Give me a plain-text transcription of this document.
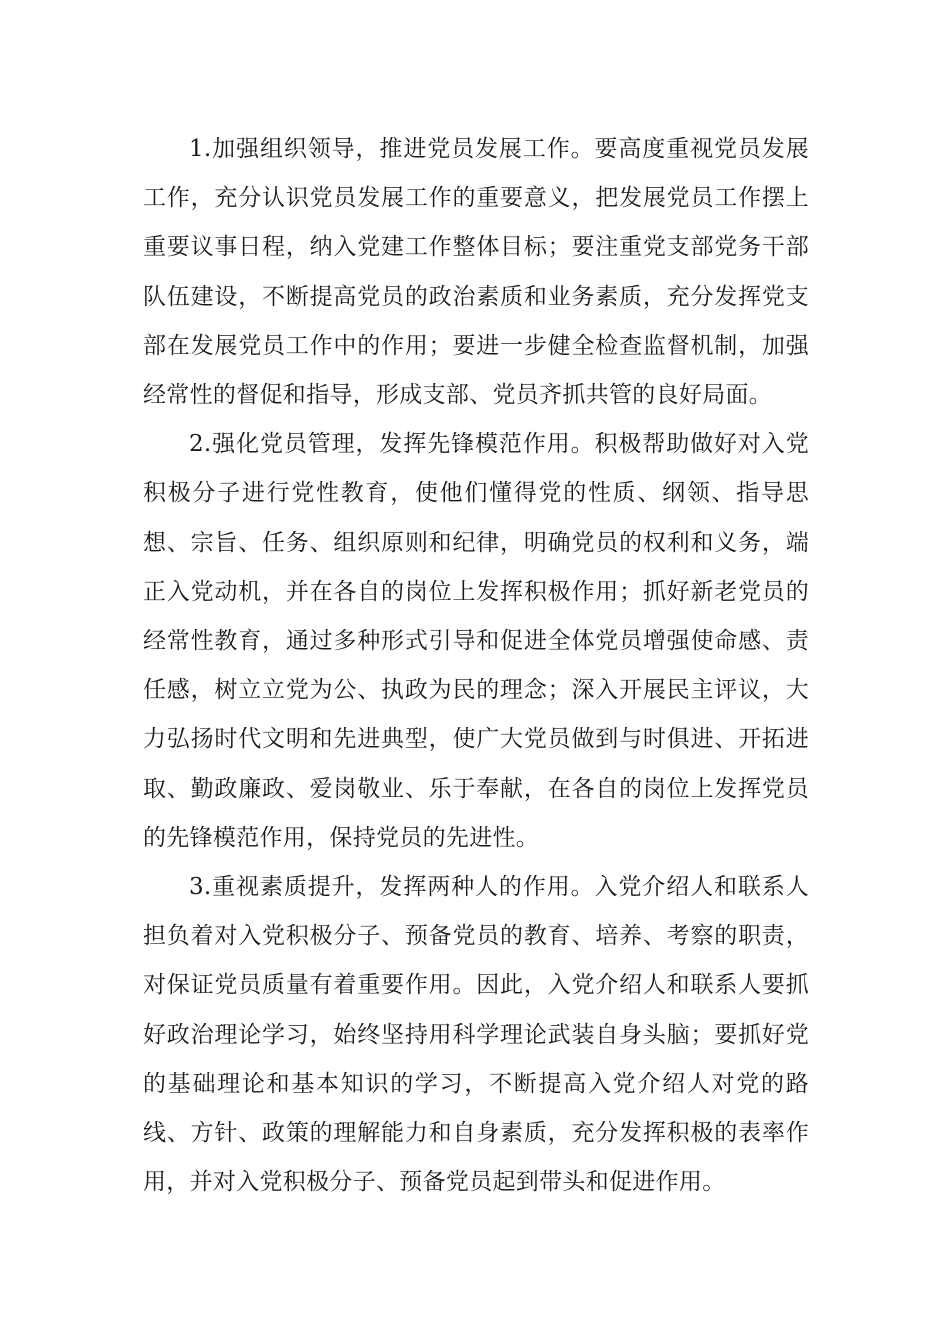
1.加强组织领导，推进党员发展工作。要高度重视党员发展工作，充分认识党员发展工作的重要意义，把发展党员工作摆上重要议事日程，纳入党建工作整体目标；要注重党支部党务干部队伍建设，不断提高党员的政治素质和业务素质，充分发挥党支部在发展党员工作中的作用；要进一步健全检查监督机制，加强经常性的督促和指导，形成支部、党员齐抓共管的良好局面。

2.强化党员管理，发挥先锋模范作用。积极帮助做好对入党积极分子进行党性教育，使他们懂得党的性质、纲领、指导思想、宗旨、任务、组织原则和纪律，明确党员的权利和义务，端正入党动机，并在各自的岗位上发挥积极作用；抓好新老党员的经常性教育，通过多种形式引导和促进全体党员增强使命感、责任感，树立立党为公、执政为民的理念；深入开展民主评议，大力弘扬时代文明和先进典型，使广大党员做到与时俱进、开拓进取、勤政廉政、爱岗敬业、乐于奉献，在各自的岗位上发挥党员的先锋模范作用，保持党员的先进性。

3.重视素质提升，发挥两种人的作用。入党介绍人和联系人担负着对入党积极分子、预备党员的教育、培养、考察的职责，对保证党员质量有着重要作用。因此，入党介绍人和联系人要抓好政治理论学习，始终坚持用科学理论武装自身头脑；要抓好党的基础理论和基本知识的学习，不断提高入党介绍人对党的路线、方针、政策的理解能力和自身素质，充分发挥积极的表率作用，并对入党积极分子、预备党员起到带头和促进作用。
